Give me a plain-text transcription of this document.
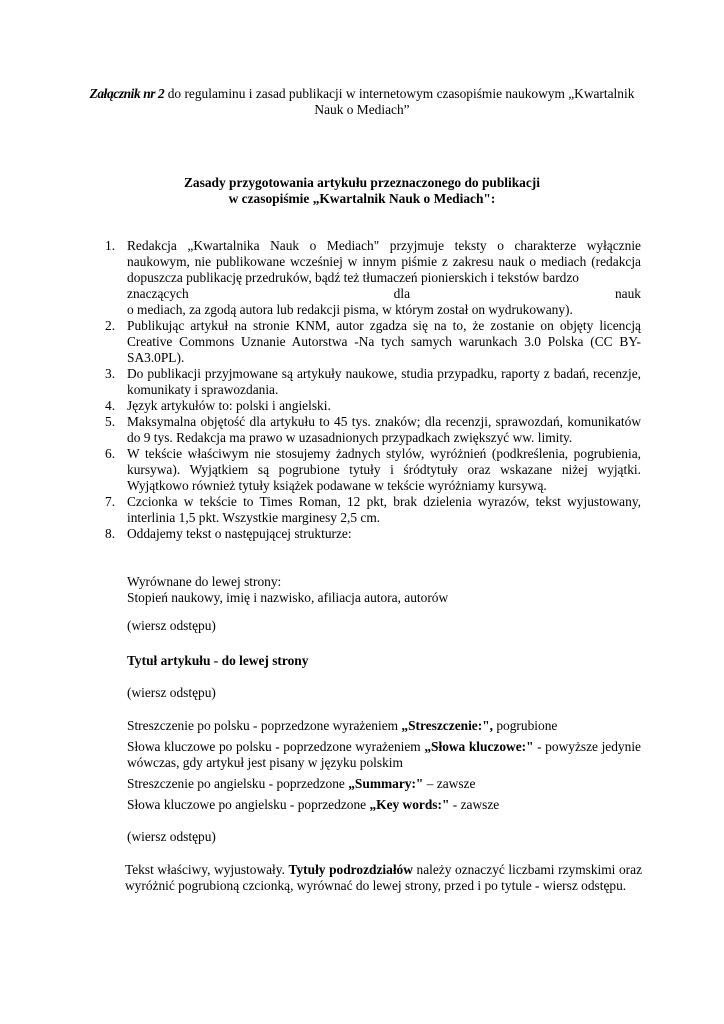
Załącznik nr 2 do regulaminu i zasad publikacji w internetowym czasopiśmie naukowym „Kwartalnik
Nauk o Mediach”
Zasady przygotowania artykułu przeznaczonego do publikacji
w czasopiśmie „Kwartalnik Nauk o Mediach":
1. Redakcja „Kwartalnika Nauk o Mediach" przyjmuje teksty o charakterze wyłącznie naukowym, nie publikowane wcześniej w innym piśmie z zakresu nauk o mediach (redakcja dopuszcza publikację przedruków, bądź też tłumaczeń pionierskich i tekstów bardzo
znaczących	dla	nauk
o mediach, za zgodą autora lub redakcji pisma, w którym został on wydrukowany).
2. Publikując artykuł na stronie KNM, autor zgadza się na to, że zostanie on objęty licencją Creative Commons Uznanie Autorstwa -Na tych samych warunkach 3.0 Polska (CC BY-SA3.0PL).
3. Do publikacji przyjmowane są artykuły naukowe, studia przypadku, raporty z badań, recenzje, komunikaty i sprawozdania.
4. Język artykułów to: polski i angielski.
5. Maksymalna objętość dla artykułu to 45 tys. znaków; dla recenzji, sprawozdań, komunikatów do 9 tys. Redakcja ma prawo w uzasadnionych przypadkach zwiększyć ww. limity.
6. W tekście właściwym nie stosujemy żadnych stylów, wyróżnień (podkreślenia, pogrubienia, kursywa). Wyjątkiem są pogrubione tytuły i śródtytuły oraz wskazane niżej wyjątki. Wyjątkowo również tytuły książek podawane w tekście wyróżniamy kursywą.
7. Czcionka w tekście to Times Roman, 12 pkt, brak dzielenia wyrazów, tekst wyjustowany, interlinia 1,5 pkt. Wszystkie marginesy 2,5 cm.
8. Oddajemy tekst o następującej strukturze:
Wyrównane do lewej strony:
Stopień naukowy, imię i nazwisko, afiliacja autora, autorów
(wiersz odstępu)
Tytuł artykułu - do lewej strony
(wiersz odstępu)
Streszczenie po polsku - poprzedzone wyrażeniem „Streszczenie:", pogrubione
Słowa kluczowe po polsku - poprzedzone wyrażeniem „Słowa kluczowe:" - powyższe jedynie wówczas, gdy artykuł jest pisany w języku polskim
Streszczenie po angielsku - poprzedzone „Summary:" – zawsze
Słowa kluczowe po angielsku - poprzedzone „Key words:" - zawsze
(wiersz odstępu)
Tekst właściwy, wyjustowały. Tytuły podrozdziałów należy oznaczyć liczbami rzymskimi oraz wyróżnić pogrubioną czcionką, wyrównać do lewej strony, przed i po tytule - wiersz odstępu.
